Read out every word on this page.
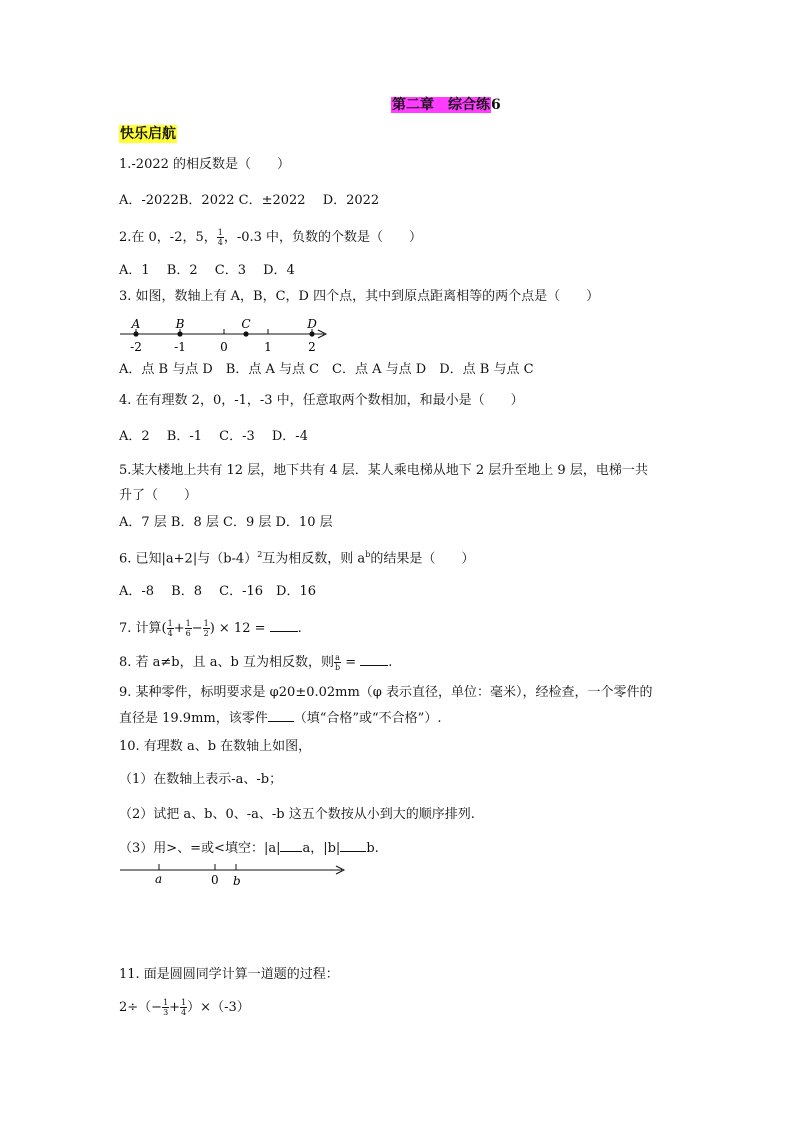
第二章　 综合练6
快乐启航
1.-2022 的相反数是（　　）
A．-2022B．2022 C．±2022　 D．2022
2.在 0，-2，5， $\frac{1}{4}$ ，-0.3 中，负数的个数是（　　）
A．1　 B．2　 C．3　 D．4
3. 如图，数轴上有 A，B，C，D 四个点，其中到原点距离相等的两个点是（　　）
-2	-1	0	1	2
A	B	C	D
A．点 B 与点 D　B．点 A 与点 C　C．点 A 与点 D　D．点 B 与点 C
4. 在有理数 2，0，-1，-3 中，任意取两个数相加，和最小是（　　）
A．2　 B．-1　 C．-3　 D．-4
5.某大楼地上共有 12 层，地下共有 4 层．某人乘电梯从地下 2 层升至地上 9 层，电梯一共
升了（　　）
A．7 层 B．8 层 C．9 层 D．10 层
6. 已知|a+2|与$(b-4)^2$互为相反数，则 $a^b$的结果是（　　）
A．-8　 B．8　 C．-16　D．16
7. 计算( $\frac{1}{4} + \frac{1}{6} - \frac{1}{2}$ ) × 12 = .
8. 若 a≠b，且 a、b 互为相反数，则 $\frac{a}{b}$ = .
9. 某种零件，标明要求是 φ20±0.02mm（φ 表示直径，单位：毫米），经检查，一个零件的
直径是 19.9mm，该零件 （填“合格”或“不合格”）.
10. 有理数 a、b 在数轴上如图，
（1）在数轴上表示-a、-b；
（2）试把 a、b、0、-a、-b 这五个数按从小到大的顺序排列.
（3）用>、=或<填空：|a| a，|b| b.
a	0 b
11. 面是圆圆同学计算一道题的过程：
$2\div(- \frac{1}{3} + \frac{1}{4} )\times(-3)$
